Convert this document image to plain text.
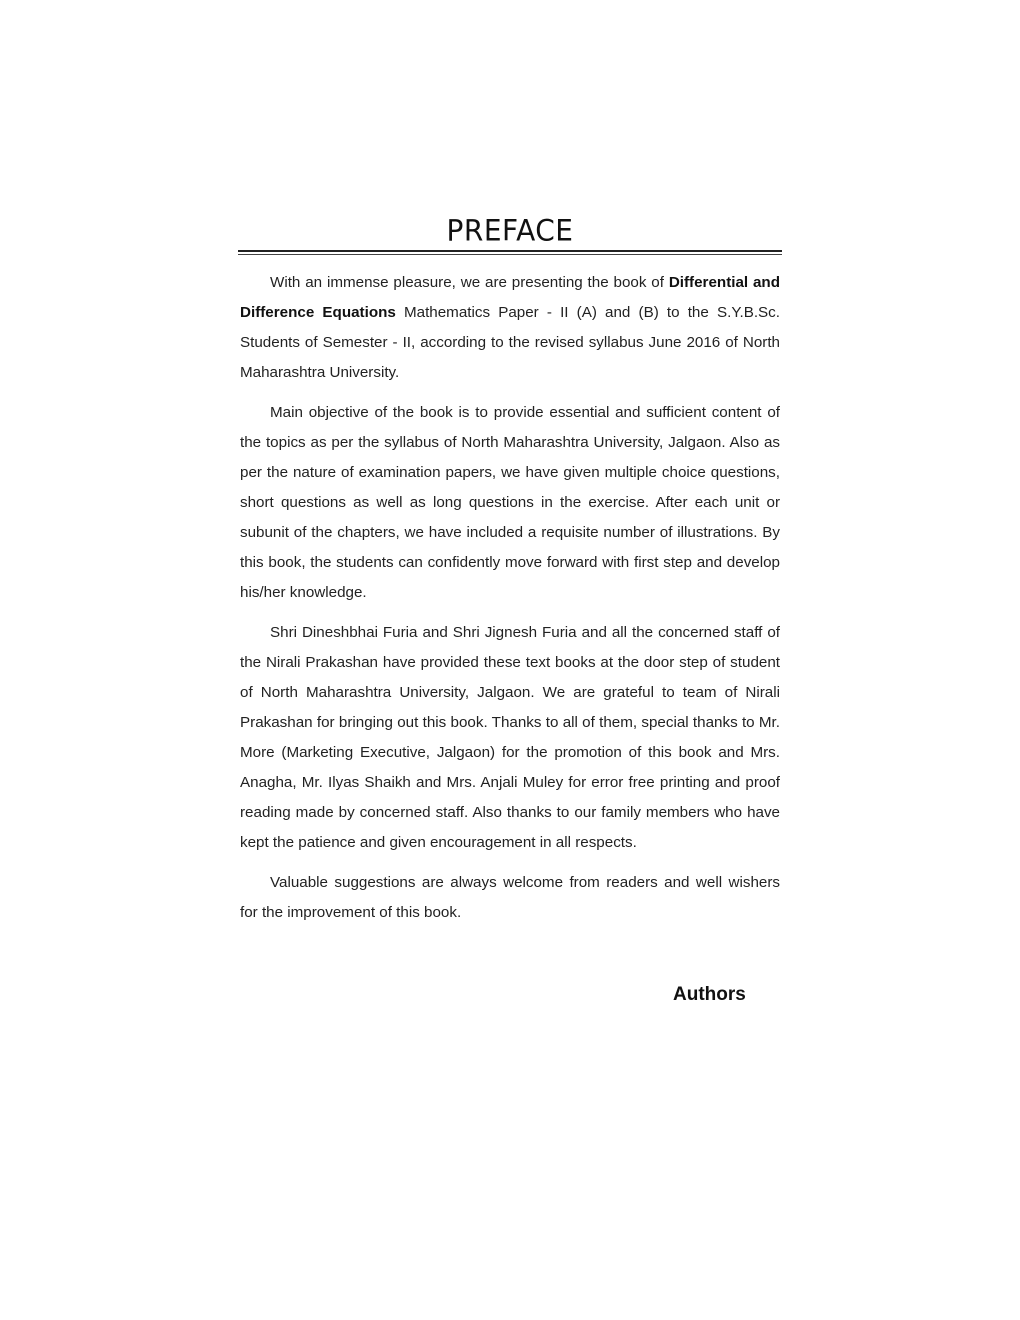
PREFACE

With an immense pleasure, we are presenting the book of Differential and Difference Equations Mathematics Paper - II (A) and (B) to the S.Y.B.Sc. Students of Semester - II, according to the revised syllabus June 2016 of North Maharashtra University.

Main objective of the book is to provide essential and sufficient content of the topics as per the syllabus of North Maharashtra University, Jalgaon. Also as per the nature of examination papers, we have given multiple choice questions, short questions as well as long questions in the exercise. After each unit or subunit of the chapters, we have included a requisite number of illustrations. By this book, the students can confidently move forward with first step and develop his/her knowledge.

Shri Dineshbhai Furia and Shri Jignesh Furia and all the concerned staff of the Nirali Prakashan have provided these text books at the door step of student of North Maharashtra University, Jalgaon. We are grateful to team of Nirali Prakashan for bringing out this book. Thanks to all of them, special thanks to Mr. More (Marketing Executive, Jalgaon) for the promotion of this book and Mrs. Anagha, Mr. Ilyas Shaikh and Mrs. Anjali Muley for error free printing and proof reading made by concerned staff. Also thanks to our family members who have kept the patience and given encouragement in all respects.

Valuable suggestions are always welcome from readers and well wishers for the improvement of this book.

Authors
